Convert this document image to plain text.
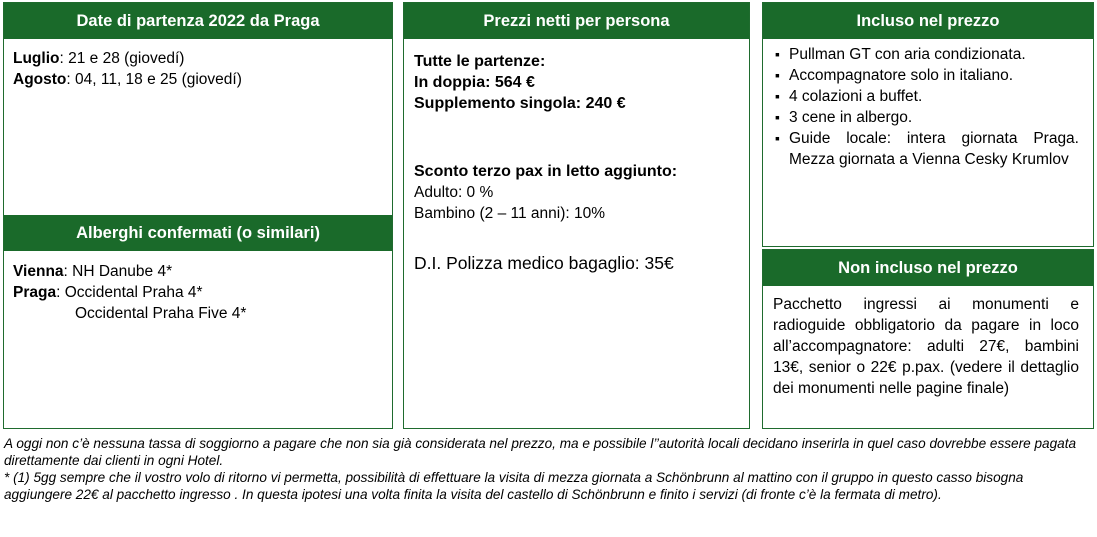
Date di partenza 2022 da Praga
Luglio: 21 e 28 (giovedí)
Agosto: 04, 11, 18 e 25 (giovedí)
Alberghi confermati (o similari)
Vienna: NH Danube 4*
Praga: Occidental Praha 4*
Occidental Praha Five 4*
Prezzi netti per persona
Tutte le partenze:
In doppia: 564 €
Supplemento singola: 240 €
Sconto terzo pax in letto aggiunto:
Adulto: 0 %
Bambino (2 – 11 anni): 10%
D.I. Polizza medico bagaglio: 35€
Incluso nel prezzo
▪ Pullman GT con aria condizionata.
▪ Accompagnatore solo in italiano.
▪ 4 colazioni a buffet.
▪ 3 cene in albergo.
▪ Guide locale: intera giornata Praga. Mezza giornata a Vienna Cesky Krumlov
Non incluso nel prezzo
Pacchetto ingressi ai monumenti e radioguide obbligatorio da pagare in loco all’accompagnatore: adulti 27€, bambini 13€, senior o 22€ p.pax. (vedere il dettaglio dei monumenti nelle pagine finale)

A oggi non c’è nessuna tassa di soggiorno a pagare che non sia già considerata nel prezzo, ma e possibile l’’autorità locali decidano inserirla in quel caso dovrebbe essere pagata direttamente dai clienti in ogni Hotel.

* (1) 5gg sempre che il vostro volo di ritorno vi permetta, possibilità di effettuare la visita di mezza giornata a Schönbrunn al mattino con il gruppo in questo casso bisogna aggiungere 22€ al pacchetto ingresso . In questa ipotesi una volta finita la visita del castello di Schönbrunn e finito i servizi (di fronte c’è la fermata di metro).
